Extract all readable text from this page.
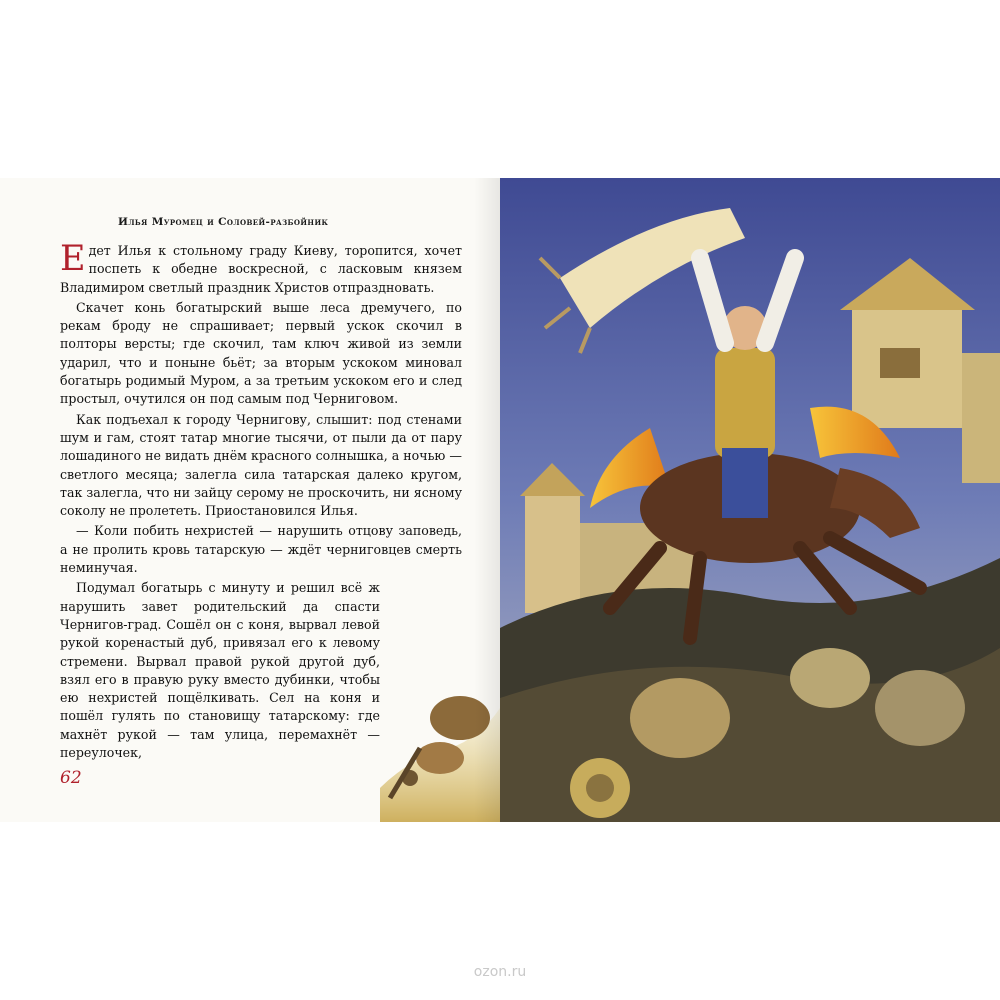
Илья Муромец и Соловей-разбойник

Едет Илья к стольному граду Киеву, торопится, хочет поспеть к обедне воскресной, с ласковым князем Владимиром светлый праздник Христов отпраздновать.

Скачет конь богатырский выше леса дремучего, по рекам броду не спрашивает; первый ускок скочил в полторы версты; где скочил, там ключ живой из земли ударил, что и поныне бьёт; за вторым ускоком миновал богатырь родимый Муром, а за третьим ускоком его и след простыл, очутился он под самым под Черниговом.

Как подъехал к городу Чернигову, слышит: под стенами шум и гам, стоят татар многие тысячи, от пыли да от пару лошадиного не видать днём красного солнышка, а ночью — светлого месяца; залегла сила татарская далеко кругом, так залегла, что ни зайцу серому не проскочить, ни ясному соколу не пролететь. Приостановился Илья.

— Коли побить нехристей — нарушить отцову заповедь, а не пролить кровь татарскую — ждёт черниговцев смерть неминучая.

Подумал богатырь с минуту и решил всё ж нарушить завет родительский да спасти Чернигов-град. Сошёл он с коня, вырвал левой рукой коренастый дуб, привязал его к левому стремени. Вырвал правой рукой другой дуб, взял его в правую руку вместо дубинки, чтобы ею нехристей пощёлкивать. Сел на коня и пошёл гулять по становищу татарскому: где махнёт рукой — там улица, перемахнёт — переулочек,

62
ozon.ru
